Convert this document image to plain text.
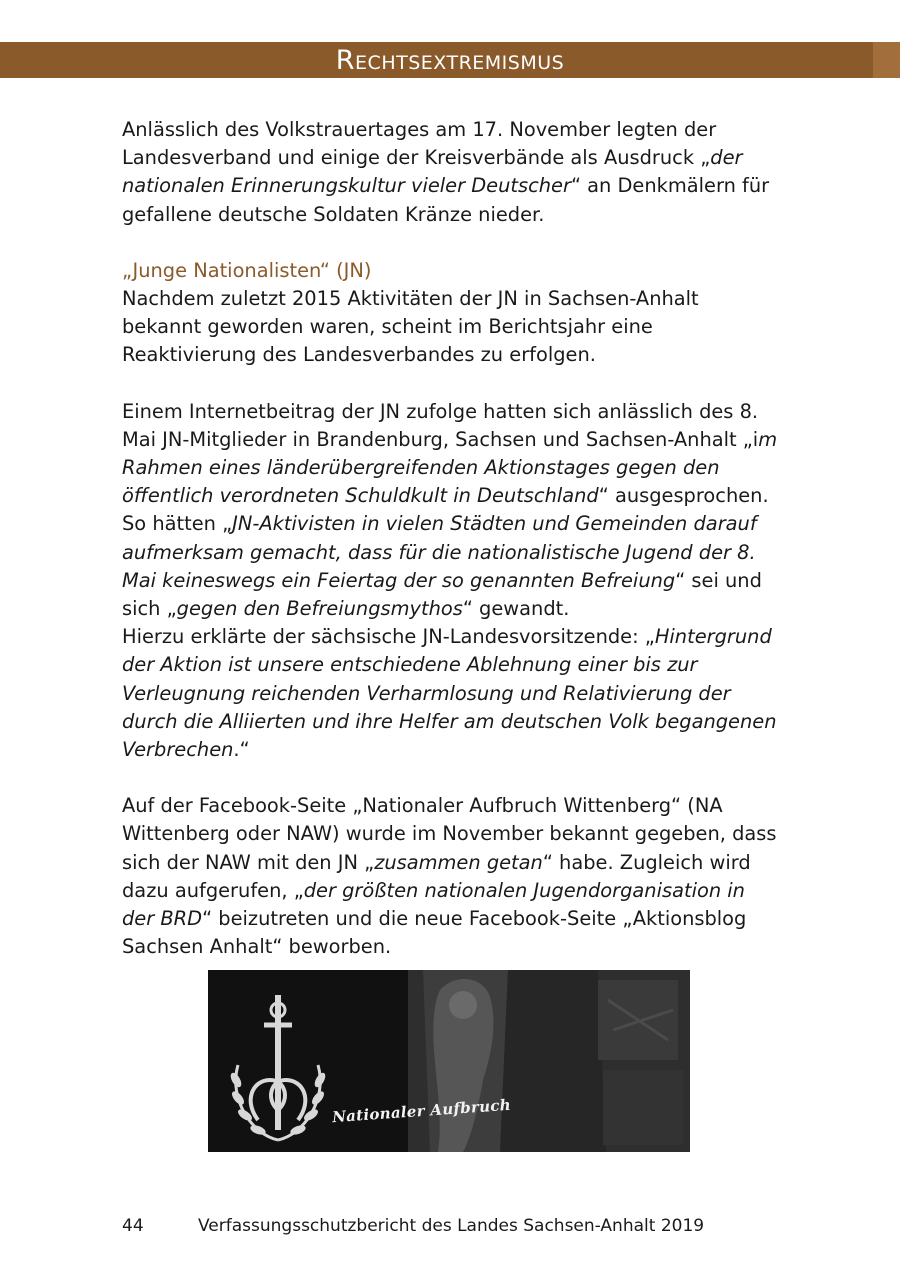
Rechtsextremismus

Anlässlich des Volkstrauertages am 17. November legten der Landesverband und einige der Kreisverbände als Ausdruck „der nationalen Erinnerungskultur vieler Deutscher“ an Denkmälern für gefallene deutsche Soldaten Kränze nieder.

„Junge Nationalisten“ (JN)

Nachdem zuletzt 2015 Aktivitäten der JN in Sachsen-Anhalt bekannt geworden waren, scheint im Berichtsjahr eine Reaktivierung des Landesverbandes zu erfolgen.

Einem Internetbeitrag der JN zufolge hatten sich anlässlich des 8. Mai JN-Mitglieder in Brandenburg, Sachsen und Sachsen-Anhalt „im Rahmen eines länderübergreifenden Aktionstages gegen den öffentlich verordneten Schuldkult in Deutschland“ ausgesprochen. So hätten „JN-Aktivisten in vielen Städten und Gemeinden darauf aufmerksam gemacht, dass für die nationalistische Jugend der 8. Mai keineswegs ein Feiertag der so genannten Befreiung“ sei und sich „gegen den Befreiungsmythos“ gewandt.

Hierzu erklärte der sächsische JN-Landesvorsitzende: „Hintergrund der Aktion ist unsere entschiedene Ablehnung einer bis zur Verleugnung reichenden Verharmlosung und Relativierung der durch die Alliierten und ihre Helfer am deutschen Volk begangenen Verbrechen.“

Auf der Facebook-Seite „Nationaler Aufbruch Wittenberg“ (NA Wittenberg oder NAW) wurde im November bekannt gegeben, dass sich der NAW mit den JN „zusammen getan“ habe. Zugleich wird dazu aufgerufen, „der größten nationalen Jugendorganisation in der BRD“ beizutreten und die neue Facebook-Seite „Aktionsblog Sachsen Anhalt“ beworben.

Nationaler Aufbruch
44	Verfassungsschutzbericht des Landes Sachsen-Anhalt 2019
